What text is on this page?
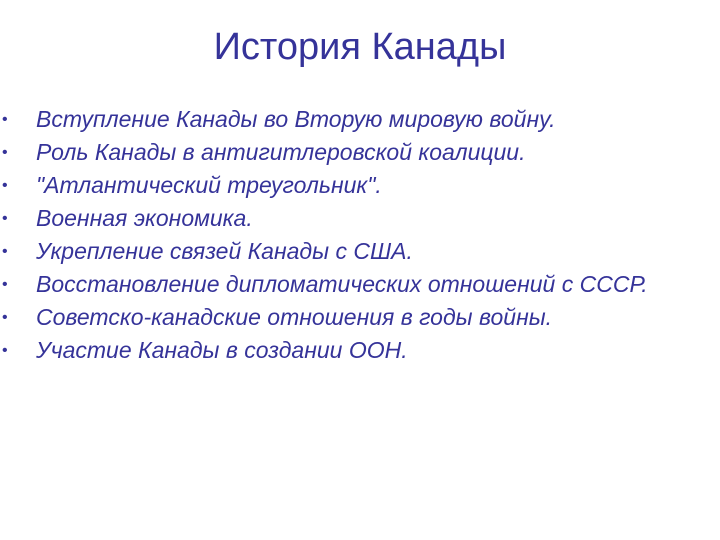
История Канады
• Вступление Канады во Вторую мировую войну.
• Роль Канады в антигитлеровской коалиции.
• "Атлантический треугольник".
• Военная экономика.
• Укрепление связей Канады с США.
• Восстановление дипломатических отношений с СССР.
• Советско-канадские отношения в годы войны.
• Участие Канады в создании ООН.
